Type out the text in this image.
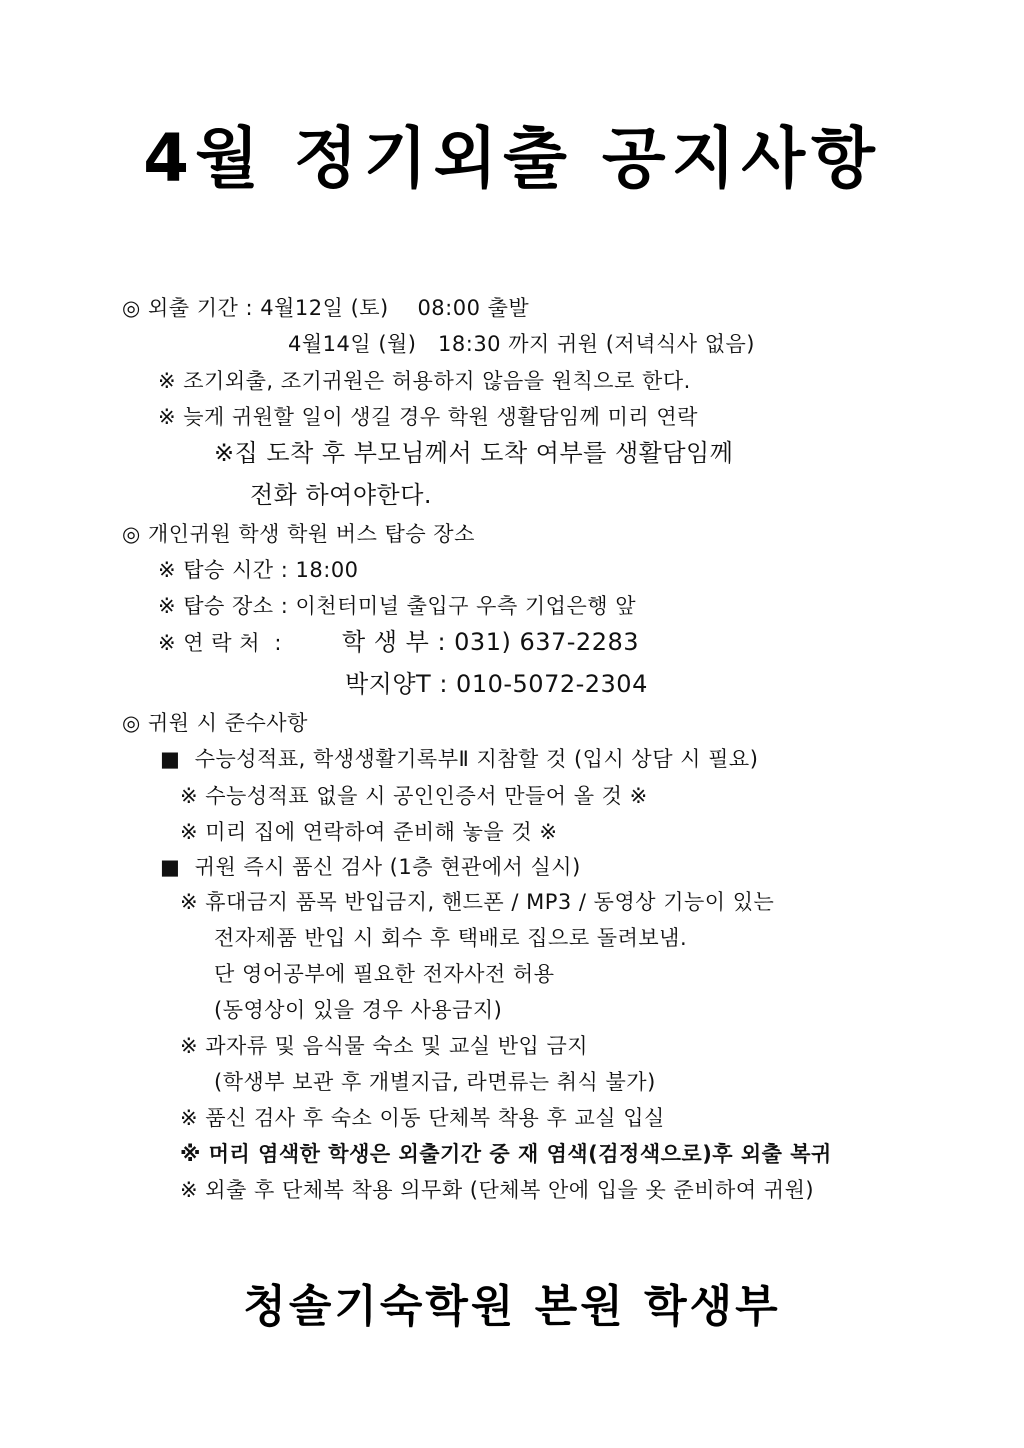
4월 정기외출 공지사항
◎ 외출 기간 : 4월12일 (토)    08:00 출발
4월14일 (월)   18:30 까지 귀원 (저녁식사 없음)
※ 조기외출, 조기귀원은 허용하지 않음을 원칙으로 한다.
※ 늦게 귀원할 일이 생길 경우 학원 생활담임께 미리 연락
※집 도착 후 부모님께서 도착 여부를 생활담임께
전화 하여야한다.
◎ 개인귀원 학생 학원 버스 탑승 장소
※ 탑승 시간 : 18:00
※ 탑승 장소 : 이천터미널 출입구 우측 기업은행 앞
※ 연 락 처  :	학 생 부 : 031) 637-2283
박지양T : 010-5072-2304
◎ 귀원 시 준수사항
■  수능성적표, 학생생활기록부Ⅱ 지참할 것 (입시 상담 시 필요)
※ 수능성적표 없을 시 공인인증서 만들어 올 것 ※
※ 미리 집에 연락하여 준비해 놓을 것 ※
■  귀원 즉시 품신 검사 (1층 현관에서 실시)
※ 휴대금지 품목 반입금지, 핸드폰 / MP3 / 동영상 기능이 있는
전자제품 반입 시 회수 후 택배로 집으로 돌려보냄.
단 영어공부에 필요한 전자사전 허용
(동영상이 있을 경우 사용금지)
※ 과자류 및 음식물 숙소 및 교실 반입 금지
(학생부 보관 후 개별지급, 라면류는 취식 불가)
※ 품신 검사 후 숙소 이동 단체복 착용 후 교실 입실
※ 머리 염색한 학생은 외출기간 중 재 염색(검정색으로)후 외출 복귀
※ 외출 후 단체복 착용 의무화 (단체복 안에 입을 옷 준비하여 귀원)
청솔기숙학원 본원 학생부
